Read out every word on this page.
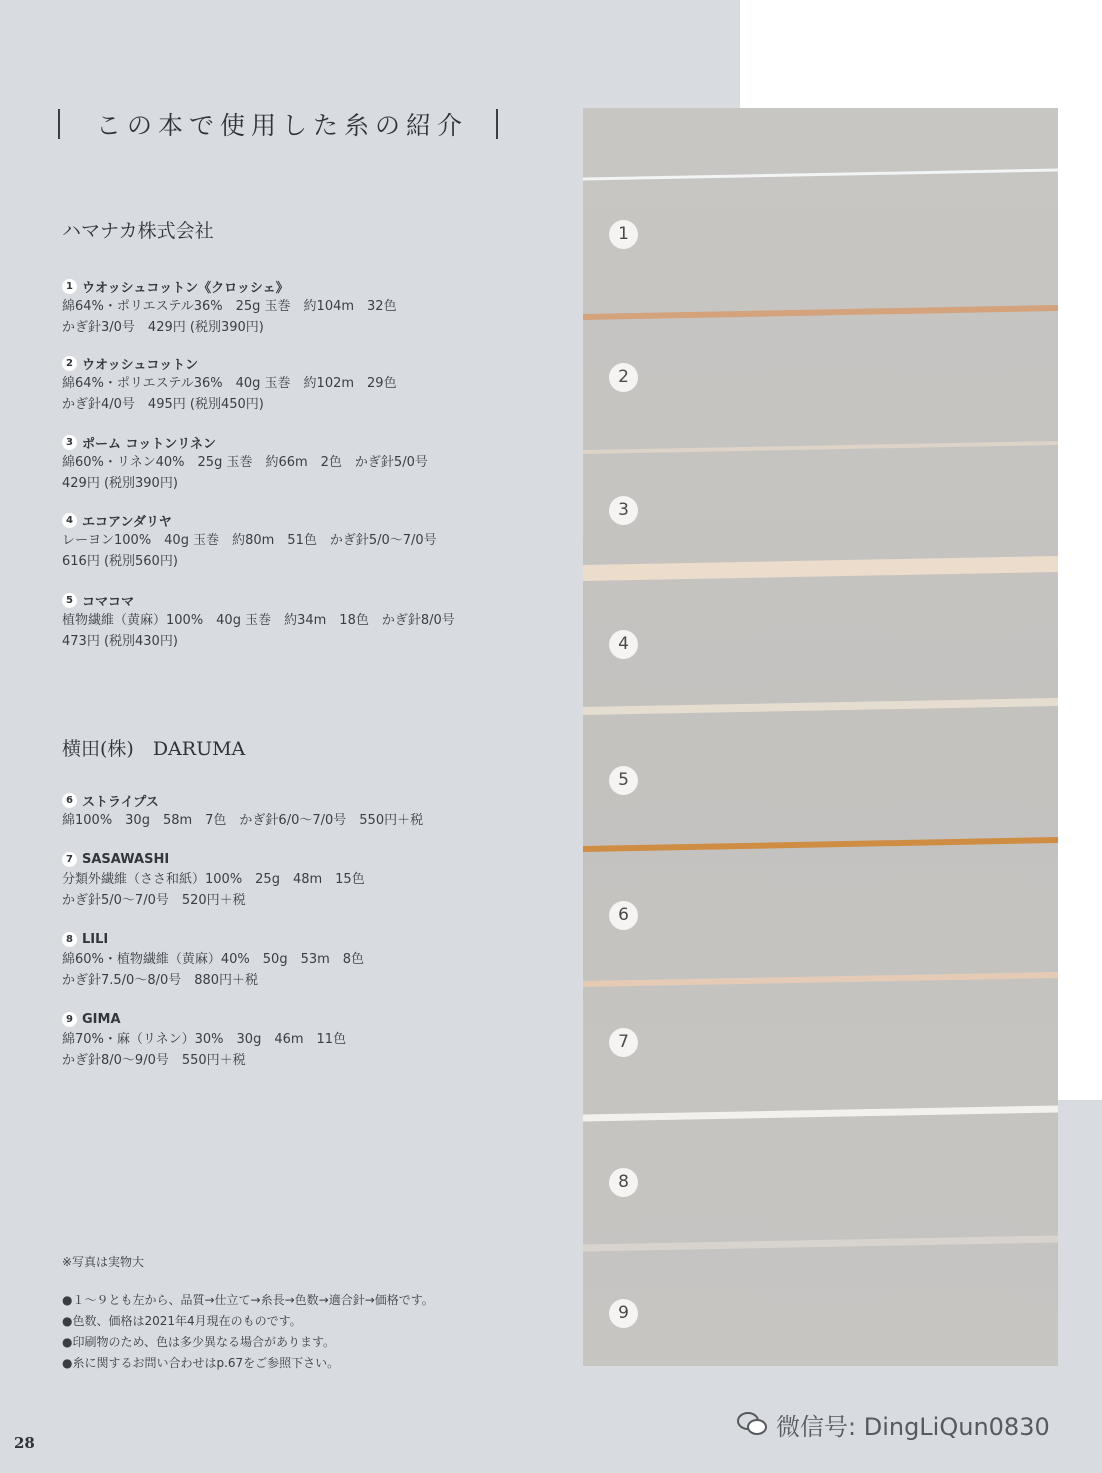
この本で使用した糸の紹介
ハマナカ株式会社
横田(株)　DARUMA
1 ウオッシュコットン《クロッシェ》
綿64%・ポリエステル36%　25g 玉巻　約104m　32色
かぎ針3/0号　429円 (税別390円)
2 ウオッシュコットン
綿64%・ポリエステル36%　40g 玉巻　約102m　29色
かぎ針4/0号　495円 (税別450円)
3 ポーム コットンリネン
綿60%・リネン40%　25g 玉巻　約66m　2色　かぎ針5/0号
429円 (税別390円)
4 エコアンダリヤ
レーヨン100%　40g 玉巻　約80m　51色　かぎ針5/0～7/0号
616円 (税別560円)
5 コマコマ
植物繊維（黄麻）100%　40g 玉巻　約34m　18色　かぎ針8/0号
473円 (税別430円)
6 ストライプス
綿100%　30g　58m　7色　かぎ針6/0～7/0号　550円＋税
7 SASAWASHI
分類外繊維（ささ和紙）100%　25g　48m　15色
かぎ針5/0～7/0号　520円＋税
8 LILI
綿60%・植物繊維（黄麻）40%　50g　53m　8色
かぎ針7.5/0～8/0号　880円＋税
9 GIMA
綿70%・麻（リネン）30%　30g　46m　11色
かぎ針8/0～9/0号　550円＋税
※写真は実物大
●１～９とも左から、品質→仕立て→糸長→色数→適合針→価格です。
●色数、価格は2021年4月現在のものです。
●印刷物のため、色は多少異なる場合があります。
●糸に関するお問い合わせはp.67をご参照下さい。
28
1
2
3
4
5
6
7
8
9
微信号: DingLiQun0830
